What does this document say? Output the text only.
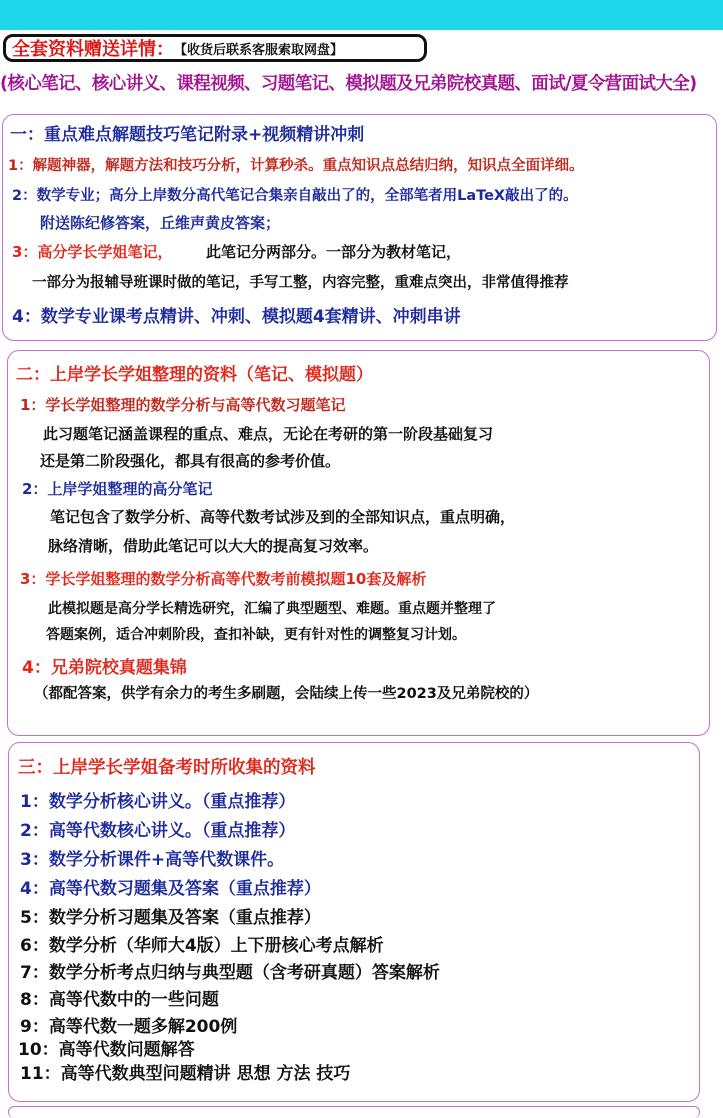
全套资料赠送详情： 【收货后联系客服索取网盘】
(核心笔记、核心讲义、课程视频、习题笔记、模拟题及兄弟院校真题、面试/夏令营面试大全)
一：重点难点解题技巧笔记附录+视频精讲冲刺
1：解题神器，解题方法和技巧分析，计算秒杀。重点知识点总结归纳，知识点全面详细。
2：数学专业；高分上岸数分高代笔记合集亲自敲出了的，全部笔者用LaTeX敲出了的。
附送陈纪修答案，丘维声黄皮答案；
3：高分学长学姐笔记， 此笔记分两部分。一部分为教材笔记，
一部分为报辅导班课时做的笔记，手写工整，内容完整，重难点突出，非常值得推荐
4：数学专业课考点精讲、冲刺、模拟题4套精讲、冲刺串讲
二：上岸学长学姐整理的资料（笔记、模拟题）
1：学长学姐整理的数学分析与高等代数习题笔记
此习题笔记涵盖课程的重点、难点，无论在考研的第一阶段基础复习
还是第二阶段强化，都具有很高的参考价值。
2：上岸学姐整理的高分笔记
笔记包含了数学分析、高等代数考试涉及到的全部知识点，重点明确，
脉络清晰，借助此笔记可以大大的提高复习效率。
3：学长学姐整理的数学分析高等代数考前模拟题10套及解析
此模拟题是高分学长精选研究，汇编了典型题型、难题。重点题并整理了
答题案例，适合冲刺阶段，查扣补缺，更有针对性的调整复习计划。
4：兄弟院校真题集锦
（都配答案，供学有余力的考生多刷题，会陆续上传一些2023及兄弟院校的）
三：上岸学长学姐备考时所收集的资料
1：数学分析核心讲义。（重点推荐）
2：高等代数核心讲义。（重点推荐）
3：数学分析课件+高等代数课件。
4：高等代数习题集及答案（重点推荐）
5：数学分析习题集及答案（重点推荐）
6：数学分析（华师大4版）上下册核心考点解析
7：数学分析考点归纳与典型题（含考研真题）答案解析
8：高等代数中的一些问题
9：高等代数一题多解200例
10：高等代数问题解答
11：高等代数典型问题精讲 思想 方法 技巧
